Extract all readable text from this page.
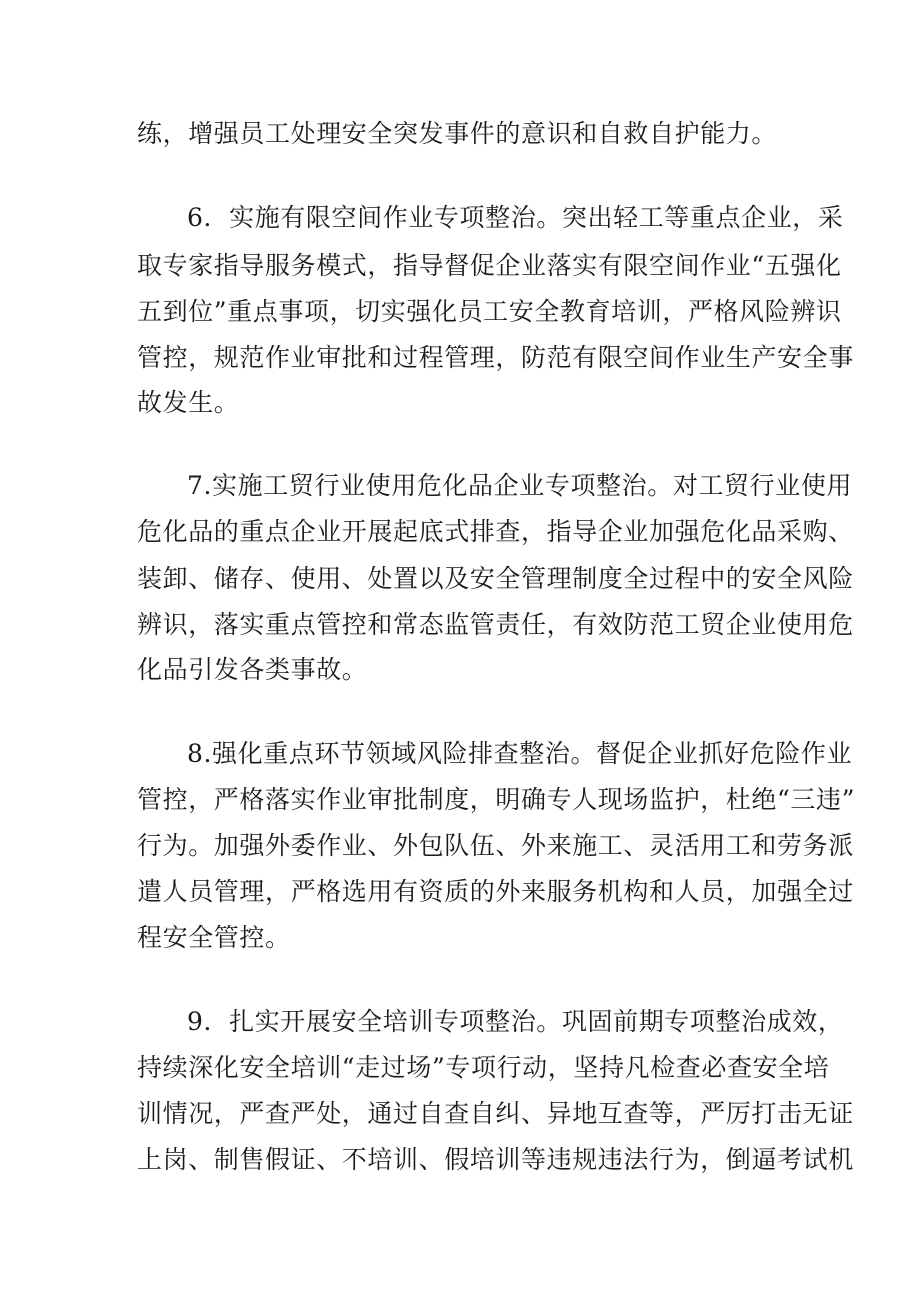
练，增强员工处理安全突发事件的意识和自救自护能力。
6．实施有限空间作业专项整治。突出轻工等重点企业，采
取专家指导服务模式，指导督促企业落实有限空间作业“五强化
五到位”重点事项，切实强化员工安全教育培训，严格风险辨识
管控，规范作业审批和过程管理，防范有限空间作业生产安全事
故发生。
7.实施工贸行业使用危化品企业专项整治。对工贸行业使用
危化品的重点企业开展起底式排查，指导企业加强危化品采购、
装卸、储存、使用、处置以及安全管理制度全过程中的安全风险
辨识，落实重点管控和常态监管责任，有效防范工贸企业使用危
化品引发各类事故。
8.强化重点环节领域风险排查整治。督促企业抓好危险作业
管控，严格落实作业审批制度，明确专人现场监护，杜绝“三违”
行为。加强外委作业、外包队伍、外来施工、灵活用工和劳务派
遣人员管理，严格选用有资质的外来服务机构和人员，加强全过
程安全管控。
9．扎实开展安全培训专项整治。巩固前期专项整治成效，
持续深化安全培训“走过场”专项行动，坚持凡检查必查安全培
训情况，严查严处，通过自查自纠、异地互查等，严厉打击无证
上岗、制售假证、不培训、假培训等违规违法行为，倒逼考试机
